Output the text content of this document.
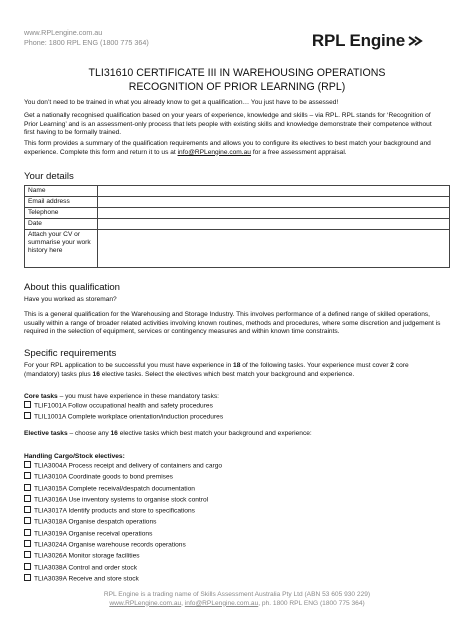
www.RPLengine.com.au
Phone: 1800 RPL ENG (1800 775 364)	RPL Engine
TLI31610 CERTIFICATE III IN WAREHOUSING OPERATIONS
RECOGNITION OF PRIOR LEARNING (RPL)
You don’t need to be trained in what you already know to get a qualification… You just have to be assessed!
Get a nationally recognised qualification based on your years of experience, knowledge and skills – via RPL. RPL stands for ‘Recognition of Prior Learning’ and is an assessment-only process that lets people with existing skills and knowledge demonstrate their competence without first having to be formally trained.
This form provides a summary of the qualification requirements and allows you to configure its electives to best match your background and experience. Complete this form and return it to us at info@RPLengine.com.au for a free assessment appraisal.
Your details
Name	
Email address	
Telephone	
Date	
Attach your CV or summarise your work history here	
About this qualification
Have you worked as storeman?
This is a general qualification for the Warehousing and Storage Industry. This involves performance of a defined range of skilled operations, usually within a range of broader related activities involving known routines, methods and procedures, where some discretion and judgement is required in the selection of equipment, services or contingency measures and within known time constraints.
Specific requirements
For your RPL application to be successful you must have experience in 18 of the following tasks. Your experience must cover 2 core (mandatory) tasks plus 16 elective tasks. Select the electives which best match your background and experience.
Core tasks – you must have experience in these mandatory tasks:
TLIF1001A Follow occupational health and safety procedures
TLIL1001A Complete workplace orientation/induction procedures
Elective tasks – choose any 16 elective tasks which best match your background and experience:
Handling Cargo/Stock electives:
TLIA3004A Process receipt and delivery of containers and cargo
TLIA3010A Coordinate goods to bond premises
TLIA3015A Complete receival/despatch documentation
TLIA3016A Use inventory systems to organise stock control
TLIA3017A Identify products and store to specifications
TLIA3018A Organise despatch operations
TLIA3019A Organise receival operations
TLIA3024A Organise warehouse records operations
TLIA3026A Monitor storage facilities
TLIA3038A Control and order stock
TLIA3039A Receive and store stock
RPL Engine is a trading name of Skills Assessment Australia Pty Ltd (ABN 53 605 930 229)
www.RPLengine.com.au, info@RPLengine.com.au, ph. 1800 RPL ENG (1800 775 364)
